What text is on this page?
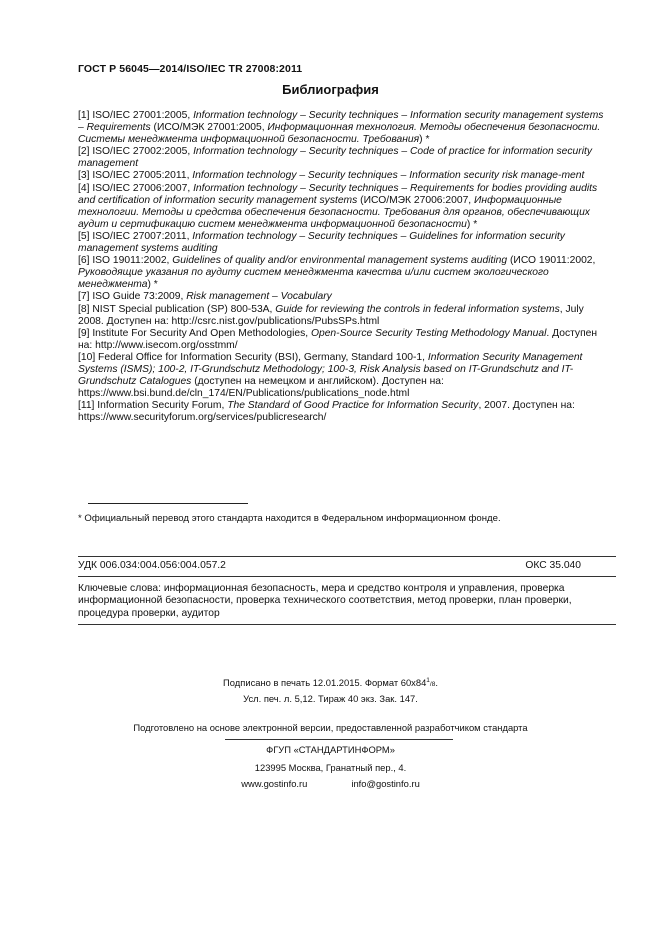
ГОСТ Р 56045—2014/ISO/IEC TR 27008:2011
Библиография

[1] ISO/IEC 27001:2005, Information technology – Security techniques – Information security management systems – Requirements (ИСО/МЭК 27001:2005, Информационная технология. Методы обеспечения безопасности. Системы менеджмента информационной безопасности. Требования) *

[2] ISO/IEC 27002:2005, Information technology – Security techniques – Code of practice for information security management

[3] ISO/IEC 27005:2011, Information technology – Security techniques – Information security risk manage-ment

[4] ISO/IEC 27006:2007, Information technology – Security techniques – Requirements for bodies providing audits and certification of information security management systems (ИСО/МЭК 27006:2007, Информационные технологии. Методы и средства обеспечения безопасности. Требования для органов, обеспечивающих аудит и сертификацию систем менеджмента информационной безопасности) *

[5] ISO/IEC 27007:2011, Information technology – Security techniques – Guidelines for information security management systems auditing

[6] ISO 19011:2002, Guidelines of quality and/or environmental management systems auditing (ИСО 19011:2002, Руководящие указания по аудиту систем менеджмента качества и/или систем экологического менеджмента) *

[7] ISO Guide 73:2009, Risk management – Vocabulary

[8] NIST Special publication (SP) 800-53A, Guide for reviewing the controls in federal information systems, July 2008. Доступен на: http://csrc.nist.gov/publications/PubsSPs.html

[9] Institute For Security And Open Methodologies, Open-Source Security Testing Methodology Manual. Доступен на: http://www.isecom.org/osstmm/

[10] Federal Office for Information Security (BSI), Germany, Standard 100-1, Information Security Management Systems (ISMS); 100-2, IT-Grundschutz Methodology; 100-3, Risk Analysis based on IT-Grundschutz and IT-Grundschutz Catalogues (доступен на немецком и английском). Доступен на: https://www.bsi.bund.de/cln_174/EN/Publications/publications_node.html

[11] Information Security Forum, The Standard of Good Practice for Information Security, 2007. Доступен на: https://www.securityforum.org/services/publicresearch/

* Официальный перевод этого стандарта находится в Федеральном информационном фонде.
УДК 006.034:004.056:004.057.2	ОКС 35.040
Ключевые слова: информационная безопасность, мера и средство контроля и управления, проверка информационной безопасности, проверка технического соответствия, метод проверки, план проверки, процедура проверки, аудитор
Подписано в печать 12.01.2015. Формат $60x84^1/8$.
Усл. печ. л. 5,12. Тираж 40 экз. Зак. 147.
Подготовлено на основе электронной версии, предоставленной разработчиком стандарта
ФГУП «СТАНДАРТИНФОРМ»
123995 Москва, Гранатный пер., 4.
www.gostinfo.ru	info@gostinfo.ru
